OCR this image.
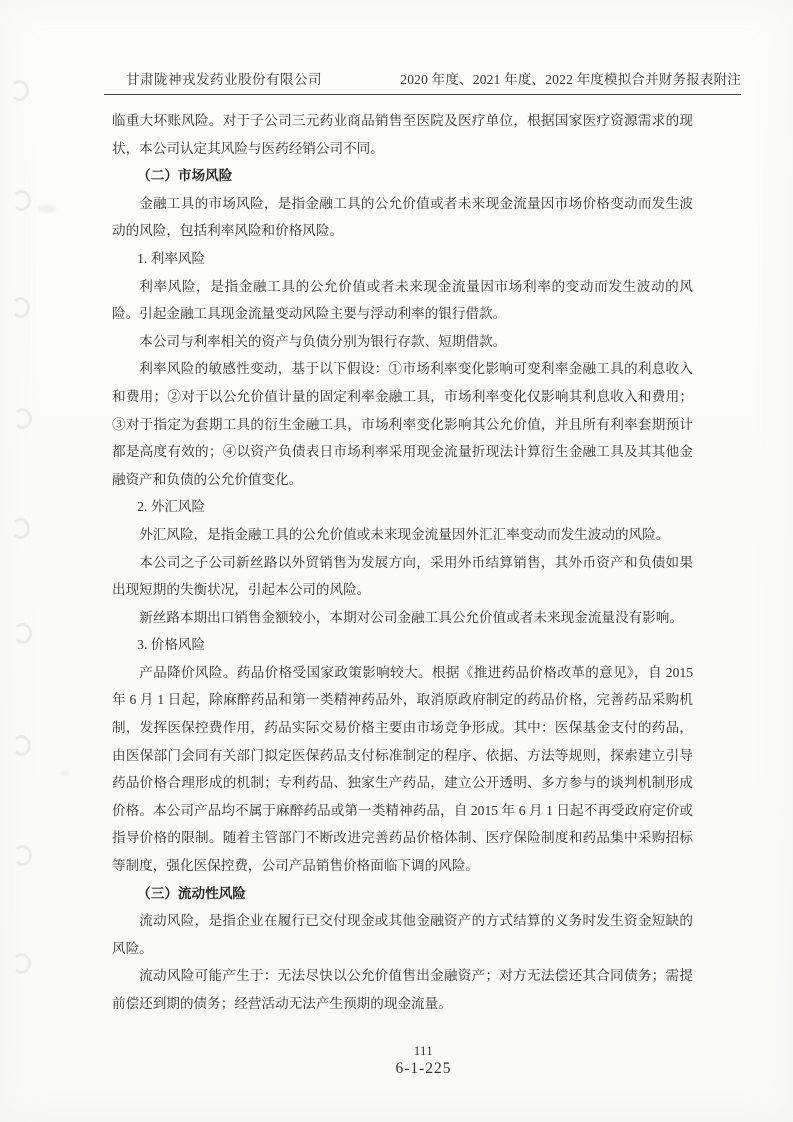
甘肃陇神戎发药业股份有限公司	2020 年度、2021 年度、2022 年度模拟合并财务报表附注

临重大坏账风险。对于子公司三元药业商品销售至医院及医疗单位，根据国家医疗资源需求的现状，本公司认定其风险与医药经销公司不同。

（二）市场风险

金融工具的市场风险，是指金融工具的公允价值或者未来现金流量因市场价格变动而发生波动的风险，包括利率风险和价格风险。

1. 利率风险

利率风险，是指金融工具的公允价值或者未来现金流量因市场利率的变动而发生波动的风险。引起金融工具现金流量变动风险主要与浮动利率的银行借款。

本公司与利率相关的资产与负债分别为银行存款、短期借款。

利率风险的敏感性变动，基于以下假设：①市场利率变化影响可变利率金融工具的利息收入和费用；②对于以公允价值计量的固定利率金融工具，市场利率变化仅影响其利息收入和费用；③对于指定为套期工具的衍生金融工具，市场利率变化影响其公允价值，并且所有利率套期预计都是高度有效的；④以资产负债表日市场利率采用现金流量折现法计算衍生金融工具及其其他金融资产和负债的公允价值变化。

2. 外汇风险

外汇风险，是指金融工具的公允价值或未来现金流量因外汇汇率变动而发生波动的风险。

本公司之子公司新丝路以外贸销售为发展方向，采用外币结算销售，其外币资产和负债如果出现短期的失衡状况，引起本公司的风险。

新丝路本期出口销售金额较小，本期对公司金融工具公允价值或者未来现金流量没有影响。

3. 价格风险

产品降价风险。药品价格受国家政策影响较大。根据《推进药品价格改革的意见》，自 2015 年 6 月 1 日起，除麻醉药品和第一类精神药品外，取消原政府制定的药品价格，完善药品采购机制，发挥医保控费作用，药品实际交易价格主要由市场竞争形成。其中：医保基金支付的药品，由医保部门会同有关部门拟定医保药品支付标准制定的程序、依据、方法等规则，探索建立引导药品价格合理形成的机制；专利药品、独家生产药品，建立公开透明、多方参与的谈判机制形成价格。本公司产品均不属于麻醉药品或第一类精神药品，自 2015 年 6 月 1 日起不再受政府定价或指导价格的限制。随着主管部门不断改进完善药品价格体制、医疗保险制度和药品集中采购招标等制度，强化医保控费，公司产品销售价格面临下调的风险。

（三）流动性风险

流动风险，是指企业在履行已交付现金或其他金融资产的方式结算的义务时发生资金短缺的风险。

流动风险可能产生于：无法尽快以公允价值售出金融资产；对方无法偿还其合同债务；需提前偿还到期的债务；经营活动无法产生预期的现金流量。

111
6-1-225
